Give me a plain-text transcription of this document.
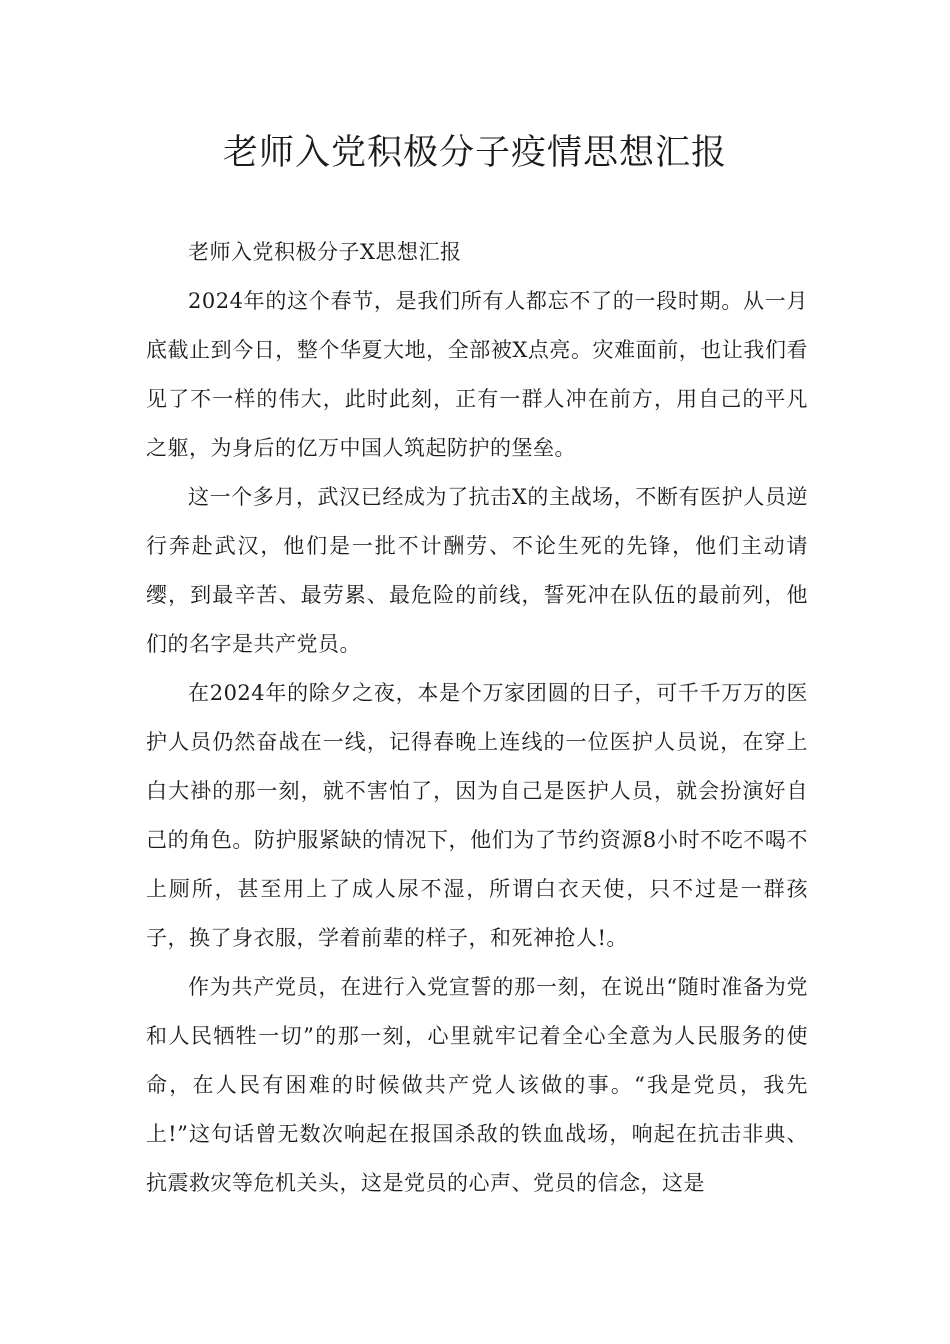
老师入党积极分子疫情思想汇报

老师入党积极分子X思想汇报

2024年的这个春节，是我们所有人都忘不了的一段时期。从一月底截止到今日，整个华夏大地，全部被X点亮。灾难面前，也让我们看见了不一样的伟大，此时此刻，正有一群人冲在前方，用自己的平凡之躯，为身后的亿万中国人筑起防护的堡垒。

这一个多月，武汉已经成为了抗击X的主战场，不断有医护人员逆行奔赴武汉，他们是一批不计酬劳、不论生死的先锋，他们主动请缨，到最辛苦、最劳累、最危险的前线，誓死冲在队伍的最前列，他们的名字是共产党员。

在2024年的除夕之夜，本是个万家团圆的日子，可千千万万的医护人员仍然奋战在一线，记得春晚上连线的一位医护人员说，在穿上白大褂的那一刻，就不害怕了，因为自己是医护人员，就会扮演好自己的角色。防护服紧缺的情况下，他们为了节约资源8小时不吃不喝不上厕所，甚至用上了成人尿不湿，所谓白衣天使，只不过是一群孩子，换了身衣服，学着前辈的样子，和死神抢人!。

作为共产党员，在进行入党宣誓的那一刻，在说出“随时准备为党和人民牺牲一切”的那一刻，心里就牢记着全心全意为人民服务的使命，在人民有困难的时候做共产党人该做的事。“我是党员，我先上!”这句话曾无数次响起在报国杀敌的铁血战场，响起在抗击非典、抗震救灾等危机关头，这是党员的心声、党员的信念，这是
